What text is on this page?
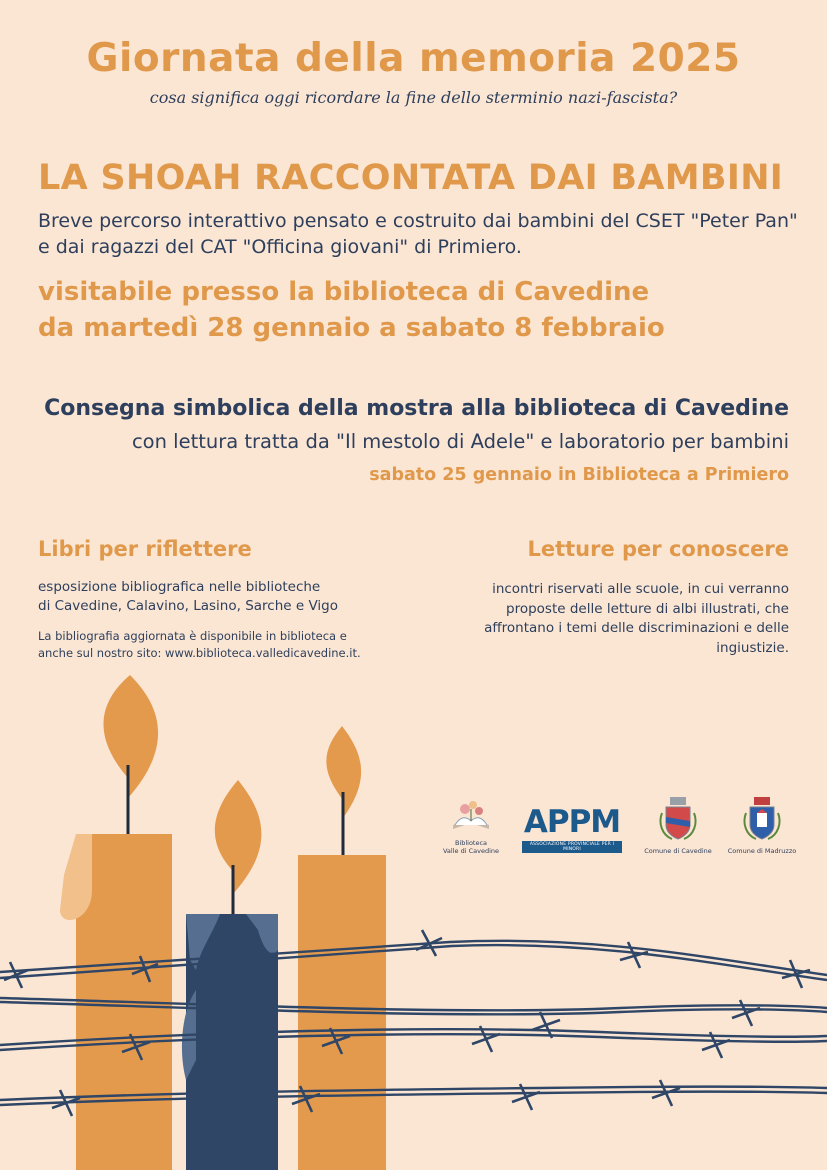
Giornata della memoria 2025
cosa significa oggi ricordare la fine dello sterminio nazi-fascista?
LA SHOAH RACCONTATA DAI BAMBINI
Breve percorso interattivo pensato e costruito dai bambini del CSET "Peter Pan"
e dai ragazzi del CAT "Officina giovani" di Primiero.
visitabile presso la biblioteca di Cavedine
da martedì 28 gennaio a sabato 8 febbraio
Consegna simbolica della mostra alla biblioteca di Cavedine
con lettura tratta da "Il mestolo di Adele" e laboratorio per bambini
sabato 25 gennaio in Biblioteca a Primiero
Libri per riflettere
esposizione bibliografica nelle biblioteche
di Cavedine, Calavino, Lasino, Sarche e Vigo
La bibliografia aggiornata è disponibile in biblioteca e
anche sul nostro sito: www.biblioteca.valledicavedine.it.
Letture per conoscere
incontri riservati alle scuole, in cui verranno
proposte delle letture di albi illustrati, che
affrontano i temi delle discriminazioni e delle
ingiustizie.
Biblioteca
Valle di Cavedine
APPM
ASSOCIAZIONE PROVINCIALE PER I MINORI	Comune di Cavedine	Comune di Madruzzo
